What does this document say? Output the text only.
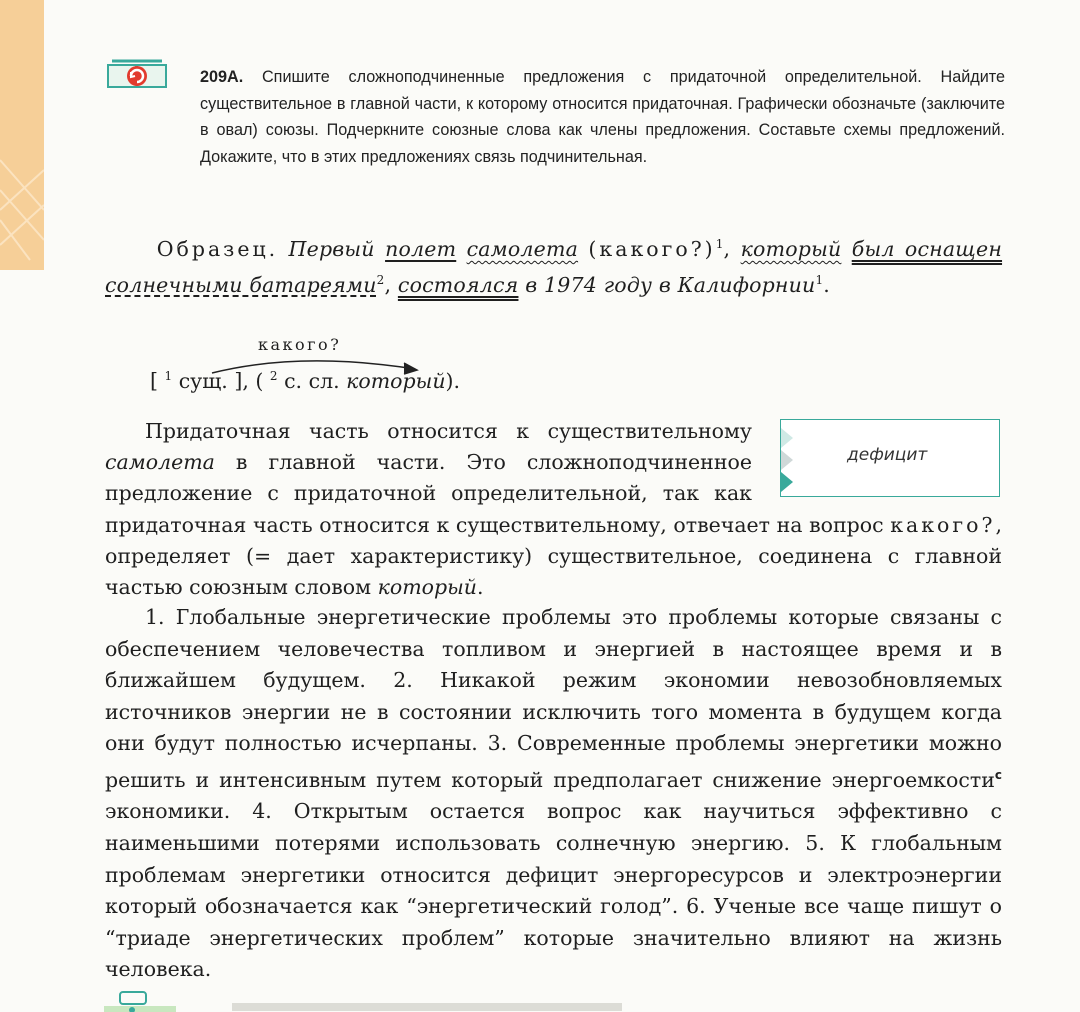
209А. Спишите сложноподчиненные предложения с придаточной определительной. Найдите существительное в главной части, к которому относится придаточная. Графически обозначьте (заключите в овал) союзы. Подчеркните союзные слова как члены предложения. Составьте схемы предложений. Докажите, что в этих предложениях связь подчинительная.
Образец. Первый полет самолета (какого?)$^1$, который был оснащен солнечными батареями$^2$, состоялся в 1974 году в Калифорнии$^1$.
какого?
[ $^1$ сущ. ], ( $^2$ с. сл. который).
дефицит
Придаточная часть относится к существительному самолета в главной части. Это сложноподчиненное предложение с придаточной определительной, так как придаточная часть относится к существительному, отвечает на вопрос какого?, определяет (= дает характеристику) существительное, соединена с главной частью союзным словом который.
1. Глобальные энергетические проблемы это проблемы которые связаны с обеспечением человечества топливом и энергией в настоящее время и в ближайшем будущем. 2. Никакой режим экономии невозобновляемых источников энергии не в состоянии исключить того момента в будущем когда они будут полностью исчерпаны. 3. Современные проблемы энергетики можно решить и интенсивным путем который предполагает снижение энергоемкости$^c$ экономики. 4. Открытым остается вопрос как научиться эффективно с наименьшими потерями использовать солнечную энергию. 5. К глобальным проблемам энергетики относится дефицит энергоресурсов и электроэнергии который обозначается как “энергетический голод”. 6. Ученые все чаще пишут о “триаде энергетических проблем” которые значительно влияют на жизнь человека.
